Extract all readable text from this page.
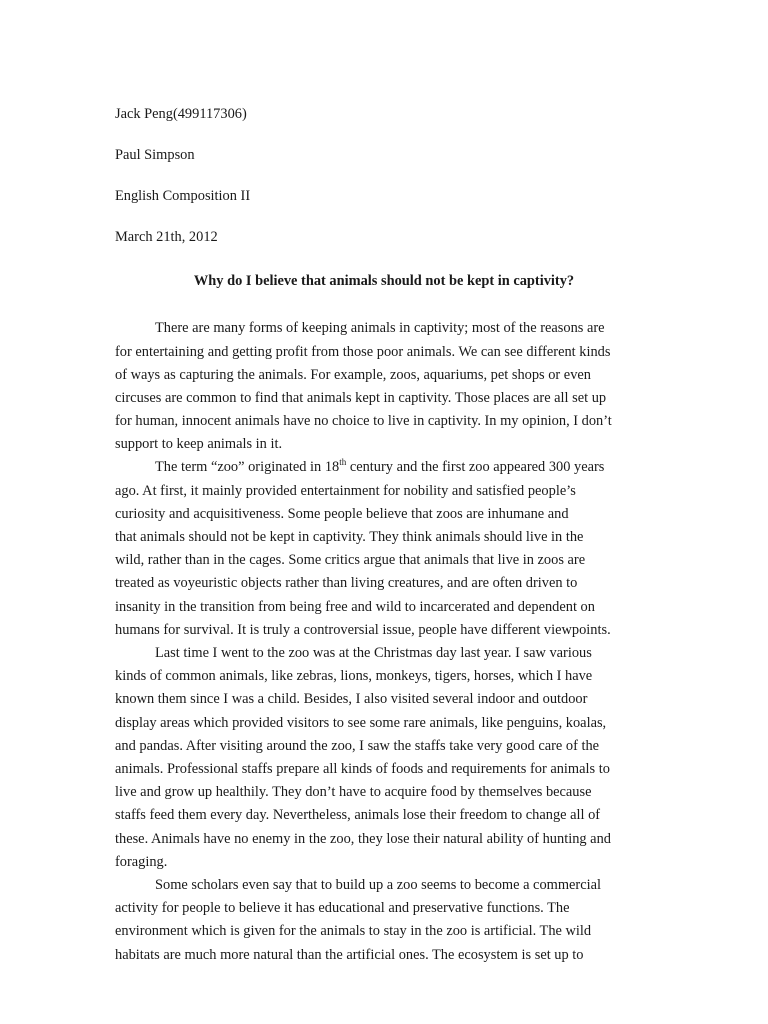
Jack Peng(499117306)

Paul Simpson

English Composition II

March 21th, 2012

Why do I believe that animals should not be kept in captivity?

There are many forms of keeping animals in captivity; most of the reasons are

for entertaining and getting profit from those poor animals. We can see different kinds

of ways as capturing the animals. For example, zoos, aquariums, pet shops or even

circuses are common to find that animals kept in captivity. Those places are all set up

for human, innocent animals have no choice to live in captivity. In my opinion, I don’t

support to keep animals in it.

The term “zoo” originated in 18th century and the first zoo appeared 300 years

ago. At first, it mainly provided entertainment for nobility and satisfied people’s

curiosity and acquisitiveness. Some people believe that zoos are inhumane and

that animals should not be kept in captivity. They think animals should live in the

wild, rather than in the cages. Some critics argue that animals that live in zoos are

treated as voyeuristic objects rather than living creatures, and are often driven to

insanity in the transition from being free and wild to incarcerated and dependent on

humans for survival. It is truly a controversial issue, people have different viewpoints.

Last time I went to the zoo was at the Christmas day last year. I saw various

kinds of common animals, like zebras, lions, monkeys, tigers, horses, which I have

known them since I was a child. Besides, I also visited several indoor and outdoor

display areas which provided visitors to see some rare animals, like penguins, koalas,

and pandas. After visiting around the zoo, I saw the staffs take very good care of the

animals. Professional staffs prepare all kinds of foods and requirements for animals to

live and grow up healthily. They don’t have to acquire food by themselves because

staffs feed them every day. Nevertheless, animals lose their freedom to change all of

these. Animals have no enemy in the zoo, they lose their natural ability of hunting and

foraging.

Some scholars even say that to build up a zoo seems to become a commercial

activity for people to believe it has educational and preservative functions. The

environment which is given for the animals to stay in the zoo is artificial. The wild

habitats are much more natural than the artificial ones. The ecosystem is set up to
